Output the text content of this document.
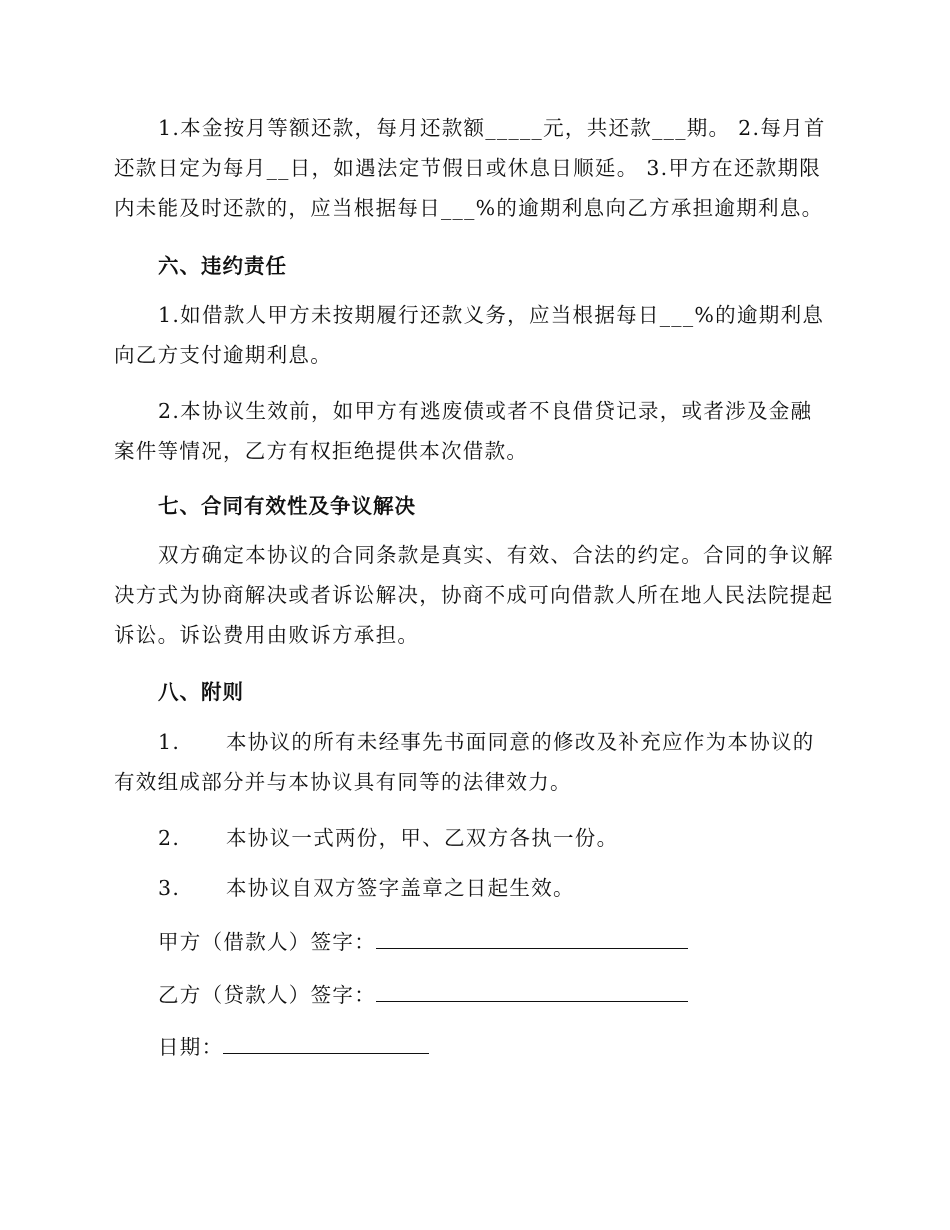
1.本金按月等额还款，每月还款额_____元，共还款___期。 2.每月首还款日定为每月__日，如遇法定节假日或休息日顺延。 3.甲方在还款期限内未能及时还款的，应当根据每日___%的逾期利息向乙方承担逾期利息。

六、违约责任

1.如借款人甲方未按期履行还款义务，应当根据每日___%的逾期利息向乙方支付逾期利息。

2.本协议生效前，如甲方有逃废债或者不良借贷记录，或者涉及金融案件等情况，乙方有权拒绝提供本次借款。

七、合同有效性及争议解决

双方确定本协议的合同条款是真实、有效、合法的约定。合同的争议解决方式为协商解决或者诉讼解决，协商不成可向借款人所在地人民法院提起诉讼。诉讼费用由败诉方承担。

八、附则

1. 本协议的所有未经事先书面同意的修改及补充应作为本协议的有效组成部分并与本协议具有同等的法律效力。

2. 本协议一式两份，甲、乙双方各执一份。

3. 本协议自双方签字盖章之日起生效。

甲方（借款人）签字：

乙方（贷款人）签字：

日期：
